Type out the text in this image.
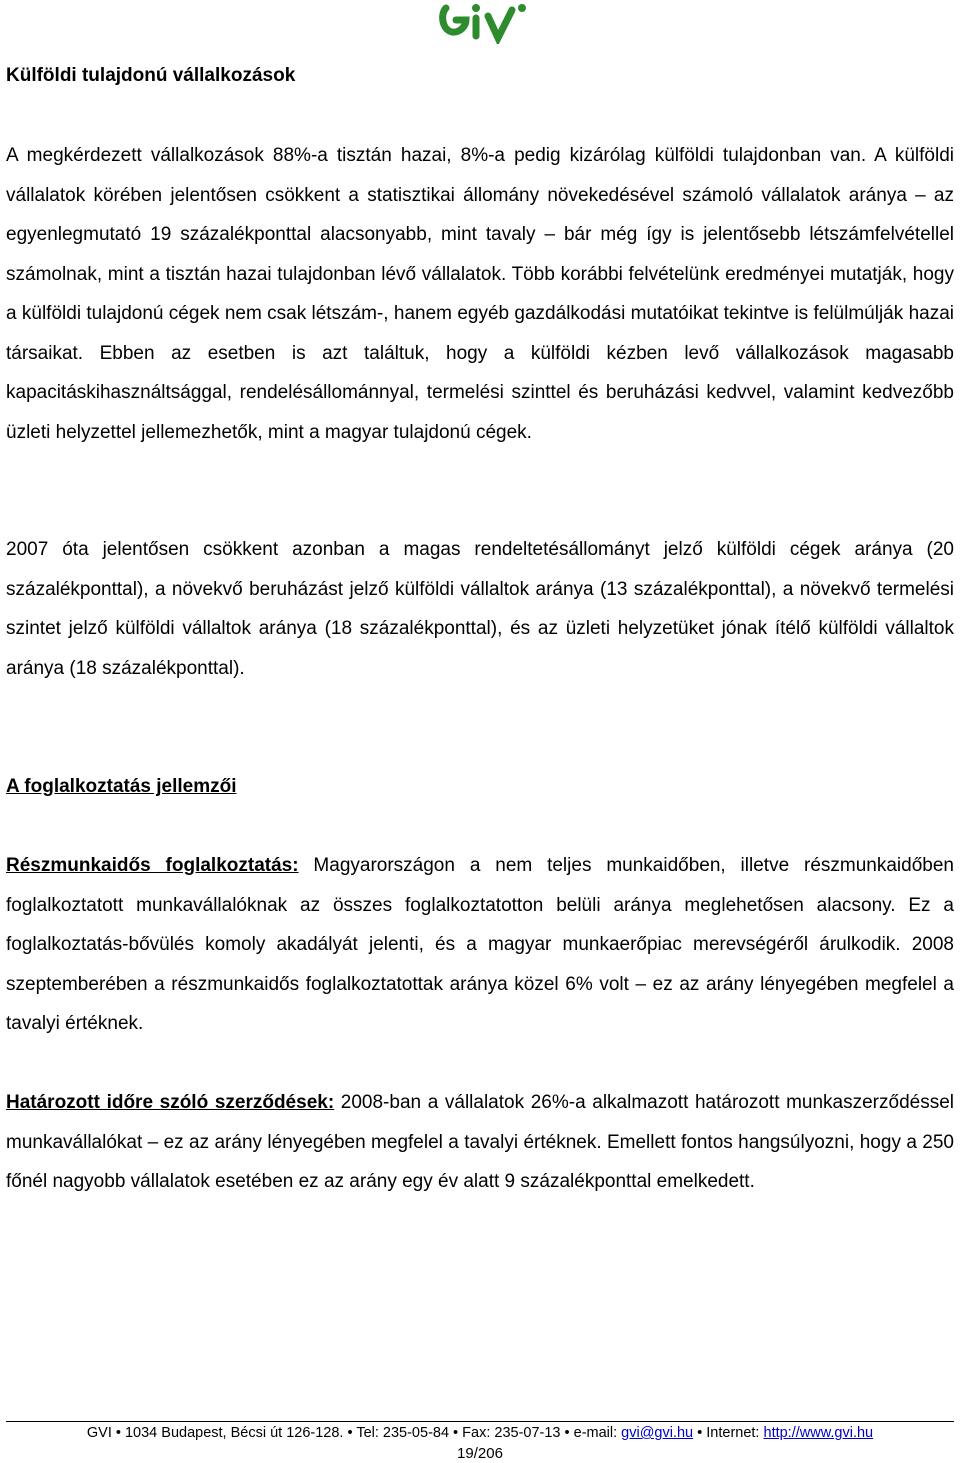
Külföldi tulajdonú vállalkozások

A megkérdezett vállalkozások 88%-a tisztán hazai, 8%-a pedig kizárólag külföldi tulajdonban van. A külföldi vállalatok körében jelentősen csökkent a statisztikai állomány növekedésével számoló vállalatok aránya – az egyenlegmutató 19 százalékponttal alacsonyabb, mint tavaly – bár még így is jelentősebb létszámfelvétellel számolnak, mint a tisztán hazai tulajdonban lévő vállalatok. Több korábbi felvételünk eredményei mutatják, hogy a külföldi tulajdonú cégek nem csak létszám-, hanem egyéb gazdálkodási mutatóikat tekintve is felülmúlják hazai társaikat. Ebben az esetben is azt találtuk, hogy a külföldi kézben levő vállalkozások magasabb kapacitáskihasználtsággal, rendelésállománnyal, termelési szinttel és beruházási kedvvel, valamint kedvezőbb üzleti helyzettel jellemezhetők, mint a magyar tulajdonú cégek.

2007 óta jelentősen csökkent azonban a magas rendeltetésállományt jelző külföldi cégek aránya (20 százalékponttal), a növekvő beruházást jelző külföldi vállaltok aránya (13 százalékponttal), a növekvő termelési szintet jelző külföldi vállaltok aránya (18 százalékponttal), és az üzleti helyzetüket jónak ítélő külföldi vállaltok aránya (18 százalékponttal).

A foglalkoztatás jellemzői

Részmunkaidős foglalkoztatás: Magyarországon a nem teljes munkaidőben, illetve részmunkaidőben foglalkoztatott munkavállalóknak az összes foglalkoztatotton belüli aránya meglehetősen alacsony. Ez a foglalkoztatás-bővülés komoly akadályát jelenti, és a magyar munkaerőpiac merevségéről árulkodik. 2008 szeptemberében a részmunkaidős foglalkoztatottak aránya közel 6% volt – ez az arány lényegében megfelel a tavalyi értéknek.

Határozott időre szóló szerződések: 2008-ban a vállalatok 26%-a alkalmazott határozott munkaszerződéssel munkavállalókat – ez az arány lényegében megfelel a tavalyi értéknek. Emellett fontos hangsúlyozni, hogy a 250 főnél nagyobb vállalatok esetében ez az arány egy év alatt 9 százalékponttal emelkedett.

GVI • 1034 Budapest, Bécsi út 126-128. • Tel: 235-05-84 • Fax: 235-07-13 • e-mail: gvi@gvi.hu • Internet: http://www.gvi.hu
19/206
